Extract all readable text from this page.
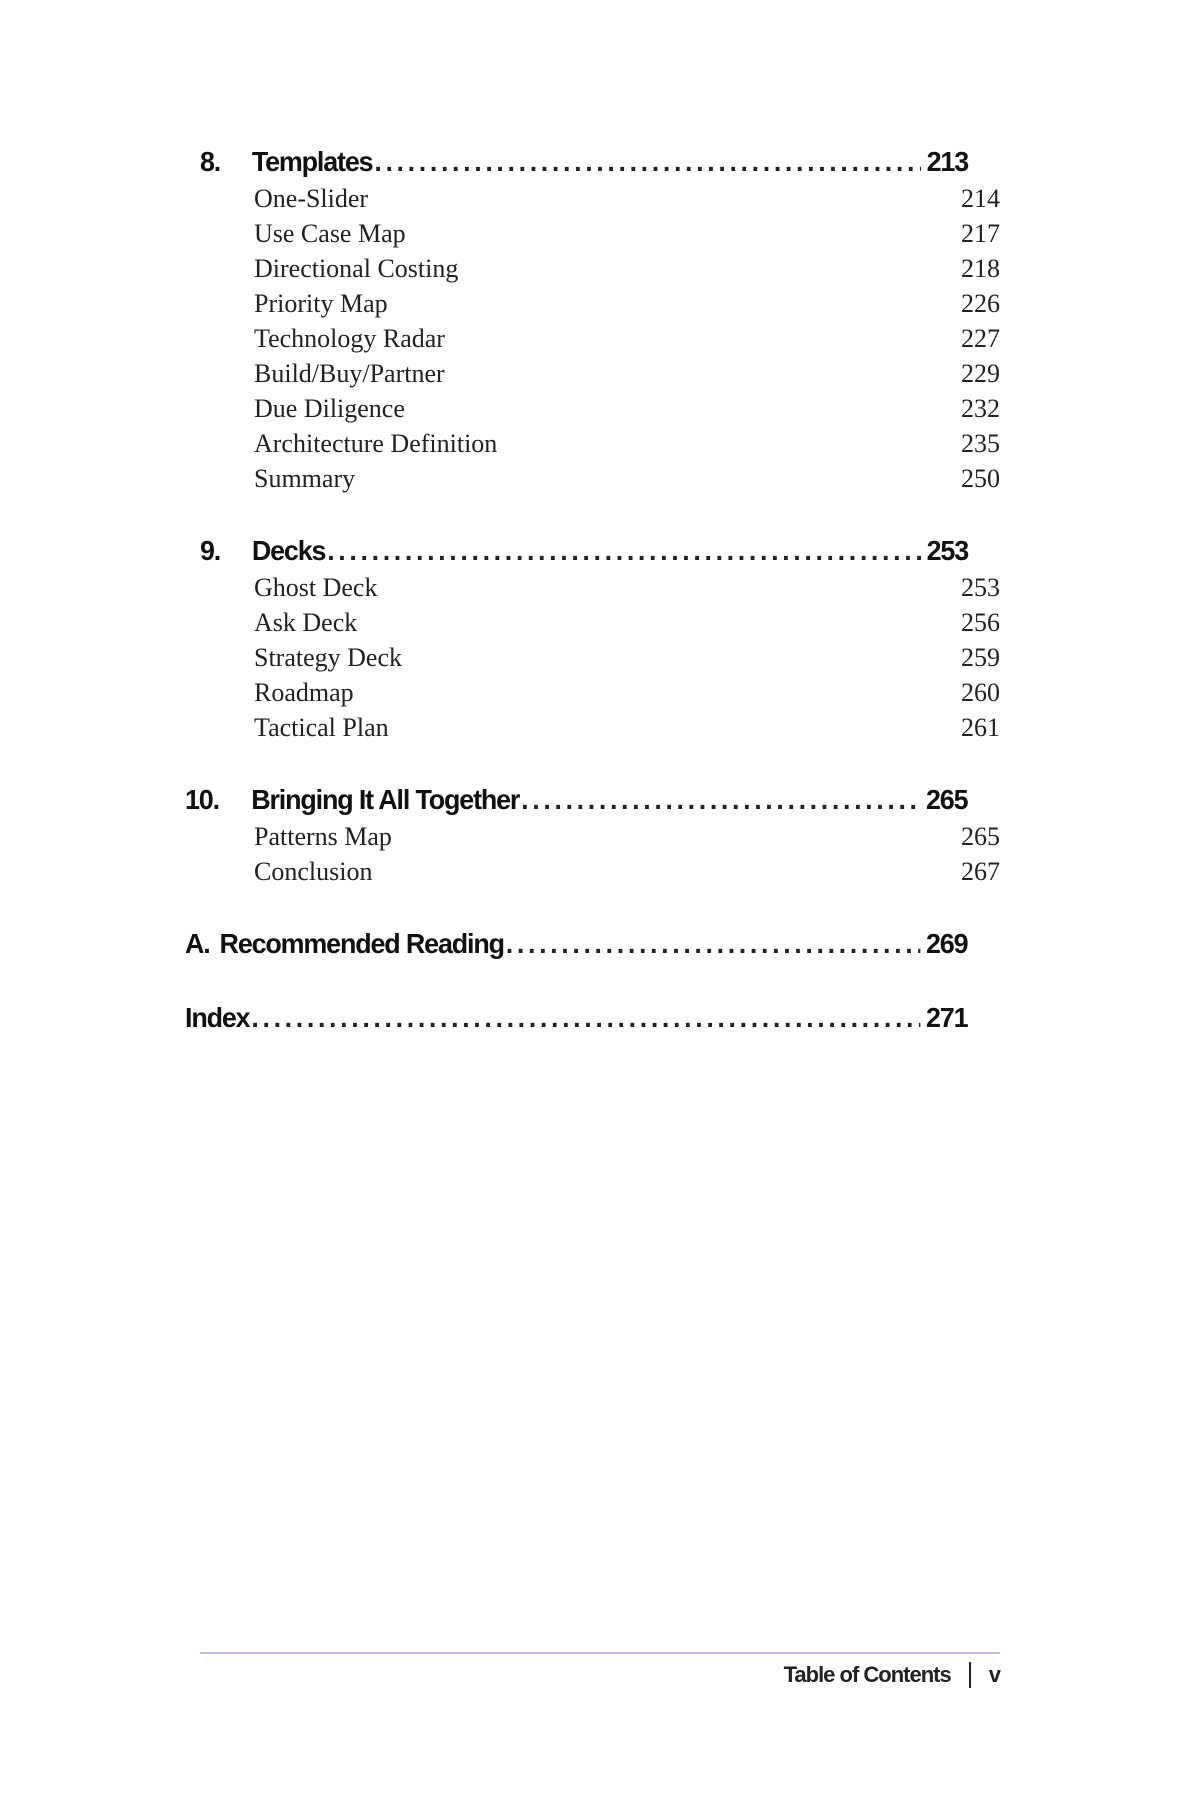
8.	Templates . . .	213
One-Slider	214
Use Case Map	217
Directional Costing	218
Priority Map	226
Technology Radar	227
Build/Buy/Partner	229
Due Diligence	232
Architecture Definition	235
Summary	250
9.	Decks . . .	253
Ghost Deck	253
Ask Deck	256
Strategy Deck	259
Roadmap	260
Tactical Plan	261
10.	Bringing It All Together . . .	265
Patterns Map	265
Conclusion	267
A. Recommended Reading . . .	269
Index . . .	271
Table of Contents v
